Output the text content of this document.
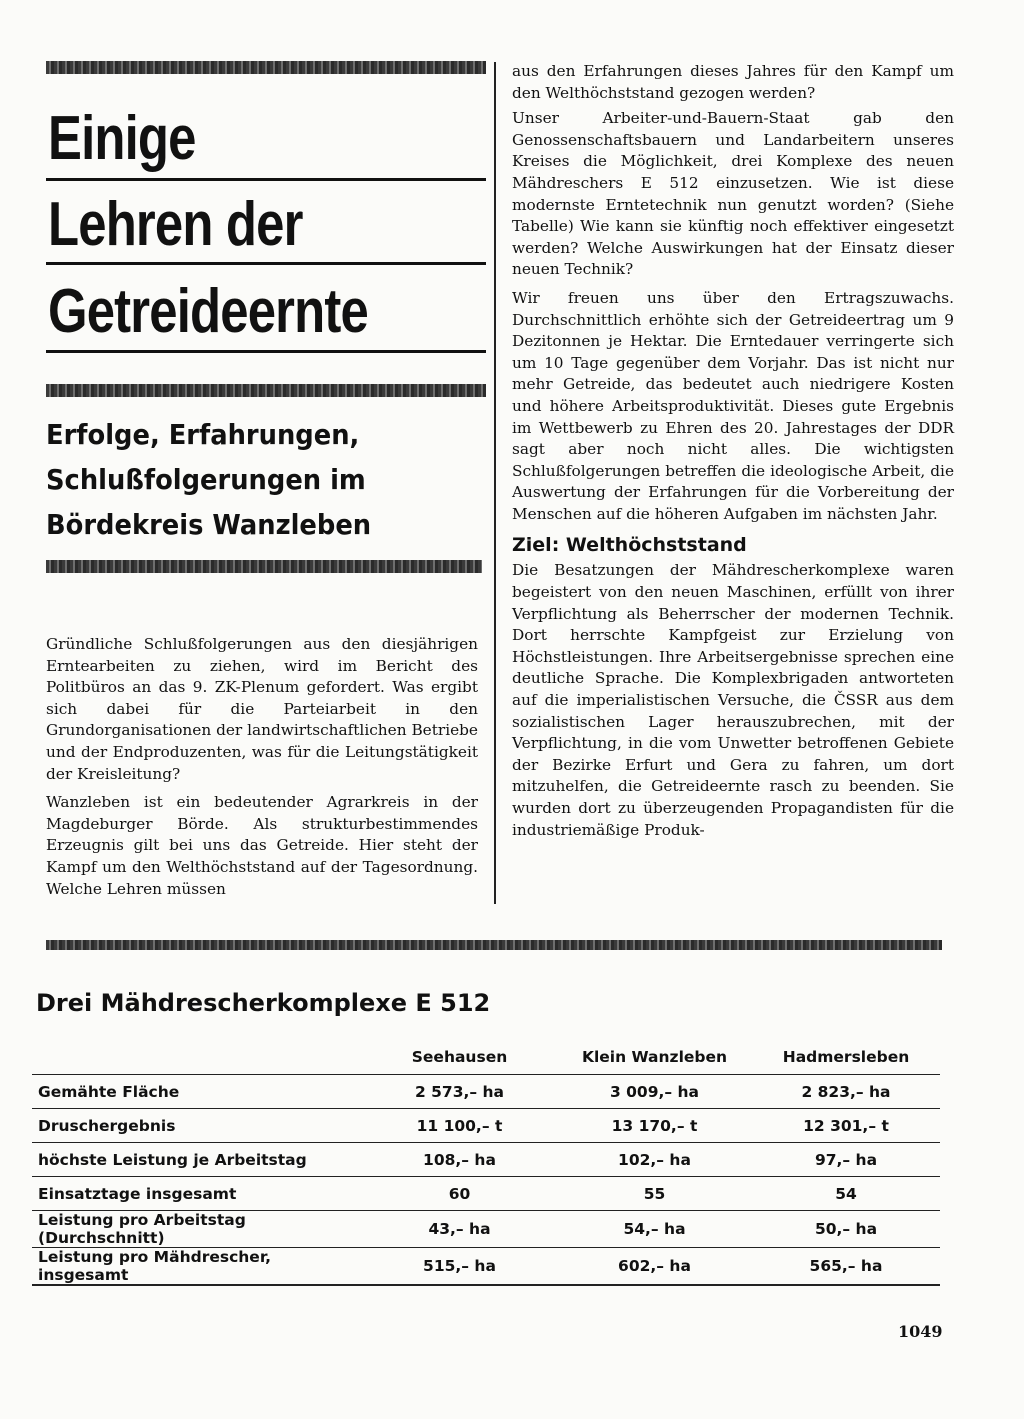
Einige
Lehren der
Getreideernte
Erfolge, Erfahrungen,
Schlußfolgerungen im
Bördekreis Wanzleben

Gründliche Schlußfolgerungen aus den diesjährigen Erntearbeiten zu ziehen, wird im Bericht des Politbüros an das 9. ZK-Plenum gefordert. Was ergibt sich dabei für die Parteiarbeit in den Grundorganisationen der landwirtschaftlichen Betriebe und der Endproduzenten, was für die Leitungstätigkeit der Kreisleitung?

Wanzleben ist ein bedeutender Agrarkreis in der Magdeburger Börde. Als strukturbestimmendes Erzeugnis gilt bei uns das Getreide. Hier steht der Kampf um den Welthöchststand auf der Tagesordnung. Welche Lehren müssen

aus den Erfahrungen dieses Jahres für den Kampf um den Welthöchststand gezogen werden?

Unser Arbeiter-und-Bauern-Staat gab den Genossenschaftsbauern und Landarbeitern unseres Kreises die Möglichkeit, drei Komplexe des neuen Mähdreschers E 512 einzusetzen. Wie ist diese modernste Erntetechnik nun genutzt worden? (Siehe Tabelle) Wie kann sie künftig noch effektiver eingesetzt werden? Welche Auswirkungen hat der Einsatz dieser neuen Technik?

Wir freuen uns über den Ertragszuwachs. Durchschnittlich erhöhte sich der Getreideertrag um 9 Dezitonnen je Hektar. Die Erntedauer verringerte sich um 10 Tage gegenüber dem Vorjahr. Das ist nicht nur mehr Getreide, das bedeutet auch niedrigere Kosten und höhere Arbeitsproduktivität. Dieses gute Ergebnis im Wettbewerb zu Ehren des 20. Jahrestages der DDR sagt aber noch nicht alles. Die wichtigsten Schlußfolgerungen betreffen die ideologische Arbeit, die Auswertung der Erfahrungen für die Vorbereitung der Menschen auf die höheren Aufgaben im nächsten Jahr.

Ziel: Welthöchststand

Die Besatzungen der Mähdrescherkomplexe waren begeistert von den neuen Maschinen, erfüllt von ihrer Verpflichtung als Beherrscher der modernen Technik. Dort herrschte Kampfgeist zur Erzielung von Höchstleistungen. Ihre Arbeitsergebnisse sprechen eine deutliche Sprache. Die Komplexbrigaden antworteten auf die imperialistischen Versuche, die ČSSR aus dem sozialistischen Lager herauszubrechen, mit der Verpflichtung, in die vom Unwetter betroffenen Gebiete der Bezirke Erfurt und Gera zu fahren, um dort mitzuhelfen, die Getreideernte rasch zu beenden. Sie wurden dort zu überzeugenden Propagandisten für die industriemäßige Produk-

Drei Mähdrescherkomplexe E 512
	Seehausen	Klein Wanzleben	Hadmersleben
Gemähte Fläche	2 573,– ha	3 009,– ha	2 823,– ha
Druschergebnis	11 100,– t	13 170,– t	12 301,– t
höchste Leistung je Arbeitstag	108,– ha	102,– ha	97,– ha
Einsatztage insgesamt	60	55	54
Leistung pro Arbeitstag (Durchschnitt)	43,– ha	54,– ha	50,– ha
Leistung pro Mähdrescher, insgesamt	515,– ha	602,– ha	565,– ha
1049
